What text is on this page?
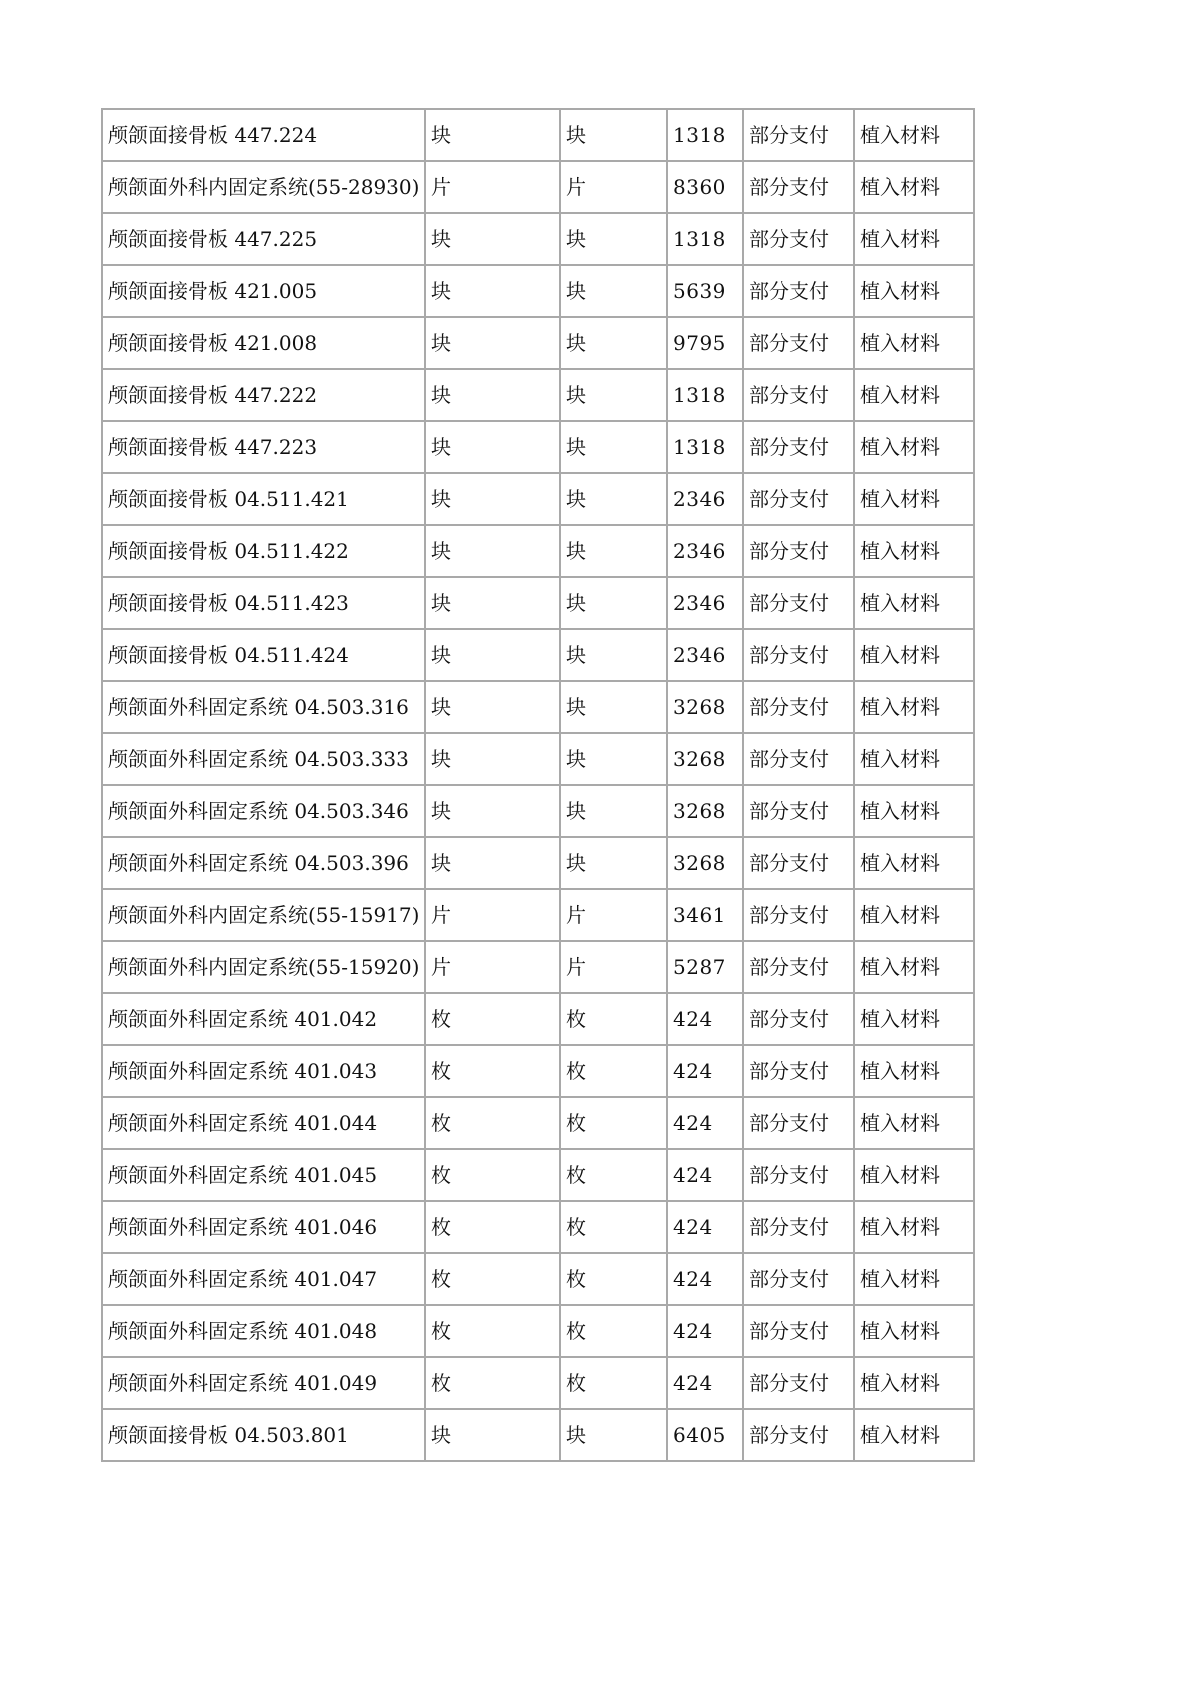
颅颌面接骨板 447.224	块	块	1318	部分支付	植入材料
颅颌面外科内固定系统(55-28930)	片	片	8360	部分支付	植入材料
颅颌面接骨板 447.225	块	块	1318	部分支付	植入材料
颅颌面接骨板 421.005	块	块	5639	部分支付	植入材料
颅颌面接骨板 421.008	块	块	9795	部分支付	植入材料
颅颌面接骨板 447.222	块	块	1318	部分支付	植入材料
颅颌面接骨板 447.223	块	块	1318	部分支付	植入材料
颅颌面接骨板 04.511.421	块	块	2346	部分支付	植入材料
颅颌面接骨板 04.511.422	块	块	2346	部分支付	植入材料
颅颌面接骨板 04.511.423	块	块	2346	部分支付	植入材料
颅颌面接骨板 04.511.424	块	块	2346	部分支付	植入材料
颅颌面外科固定系统 04.503.316	块	块	3268	部分支付	植入材料
颅颌面外科固定系统 04.503.333	块	块	3268	部分支付	植入材料
颅颌面外科固定系统 04.503.346	块	块	3268	部分支付	植入材料
颅颌面外科固定系统 04.503.396	块	块	3268	部分支付	植入材料
颅颌面外科内固定系统(55-15917)	片	片	3461	部分支付	植入材料
颅颌面外科内固定系统(55-15920)	片	片	5287	部分支付	植入材料
颅颌面外科固定系统 401.042	枚	枚	424	部分支付	植入材料
颅颌面外科固定系统 401.043	枚	枚	424	部分支付	植入材料
颅颌面外科固定系统 401.044	枚	枚	424	部分支付	植入材料
颅颌面外科固定系统 401.045	枚	枚	424	部分支付	植入材料
颅颌面外科固定系统 401.046	枚	枚	424	部分支付	植入材料
颅颌面外科固定系统 401.047	枚	枚	424	部分支付	植入材料
颅颌面外科固定系统 401.048	枚	枚	424	部分支付	植入材料
颅颌面外科固定系统 401.049	枚	枚	424	部分支付	植入材料
颅颌面接骨板 04.503.801	块	块	6405	部分支付	植入材料
